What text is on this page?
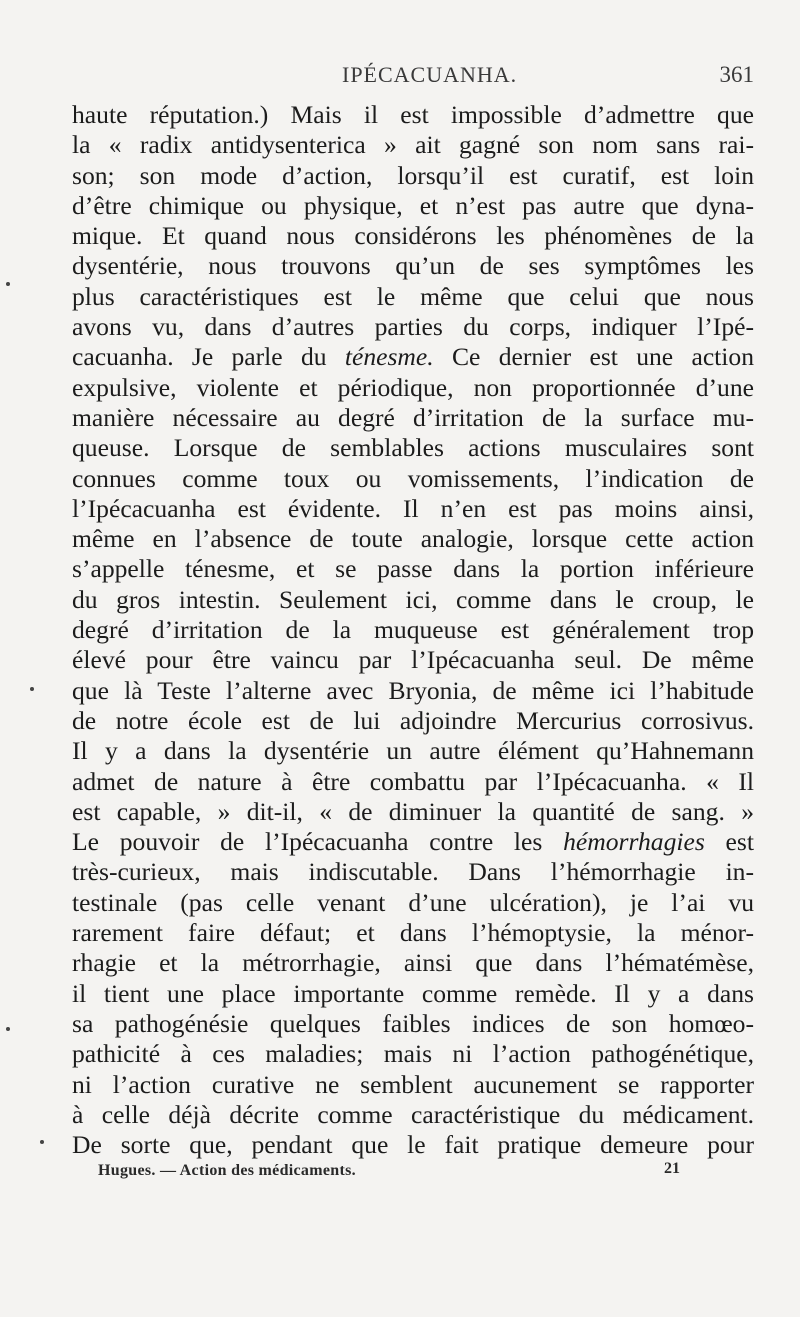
IPÉCACUANHA.	361
haute réputation.) Mais il est impossible d’admettre que
la « radix antidysenterica » ait gagné son nom sans rai-
son; son mode d’action, lorsqu’il est curatif, est loin
d’être chimique ou physique, et n’est pas autre que dyna-
mique. Et quand nous considérons les phénomènes de la
dysentérie, nous trouvons qu’un de ses symptômes les
plus caractéristiques est le même que celui que nous
avons vu, dans d’autres parties du corps, indiquer l’Ipé-
cacuanha. Je parle du ténesme. Ce dernier est une action
expulsive, violente et périodique, non proportionnée d’une
manière nécessaire au degré d’irritation de la surface mu-
queuse. Lorsque de semblables actions musculaires sont
connues comme toux ou vomissements, l’indication de
l’Ipécacuanha est évidente. Il n’en est pas moins ainsi,
même en l’absence de toute analogie, lorsque cette action
s’appelle ténesme, et se passe dans la portion inférieure
du gros intestin. Seulement ici, comme dans le croup, le
degré d’irritation de la muqueuse est généralement trop
élevé pour être vaincu par l’Ipécacuanha seul. De même
que là Teste l’alterne avec Bryonia, de même ici l’habitude
de notre école est de lui adjoindre Mercurius corrosivus.
Il y a dans la dysentérie un autre élément qu’Hahnemann
admet de nature à être combattu par l’Ipécacuanha. « Il
est capable, » dit-il, « de diminuer la quantité de sang. »
Le pouvoir de l’Ipécacuanha contre les hémorrhagies est
très-curieux, mais indiscutable. Dans l’hémorrhagie in-
testinale (pas celle venant d’une ulcération), je l’ai vu
rarement faire défaut; et dans l’hémoptysie, la ménor-
rhagie et la métrorrhagie, ainsi que dans l’hématémèse,
il tient une place importante comme remède. Il y a dans
sa pathogénésie quelques faibles indices de son homœo-
pathicité à ces maladies; mais ni l’action pathogénétique,
ni l’action curative ne semblent aucunement se rapporter
à celle déjà décrite comme caractéristique du médicament.
De sorte que, pendant que le fait pratique demeure pour
Hugues. — Action des médicaments.	21
